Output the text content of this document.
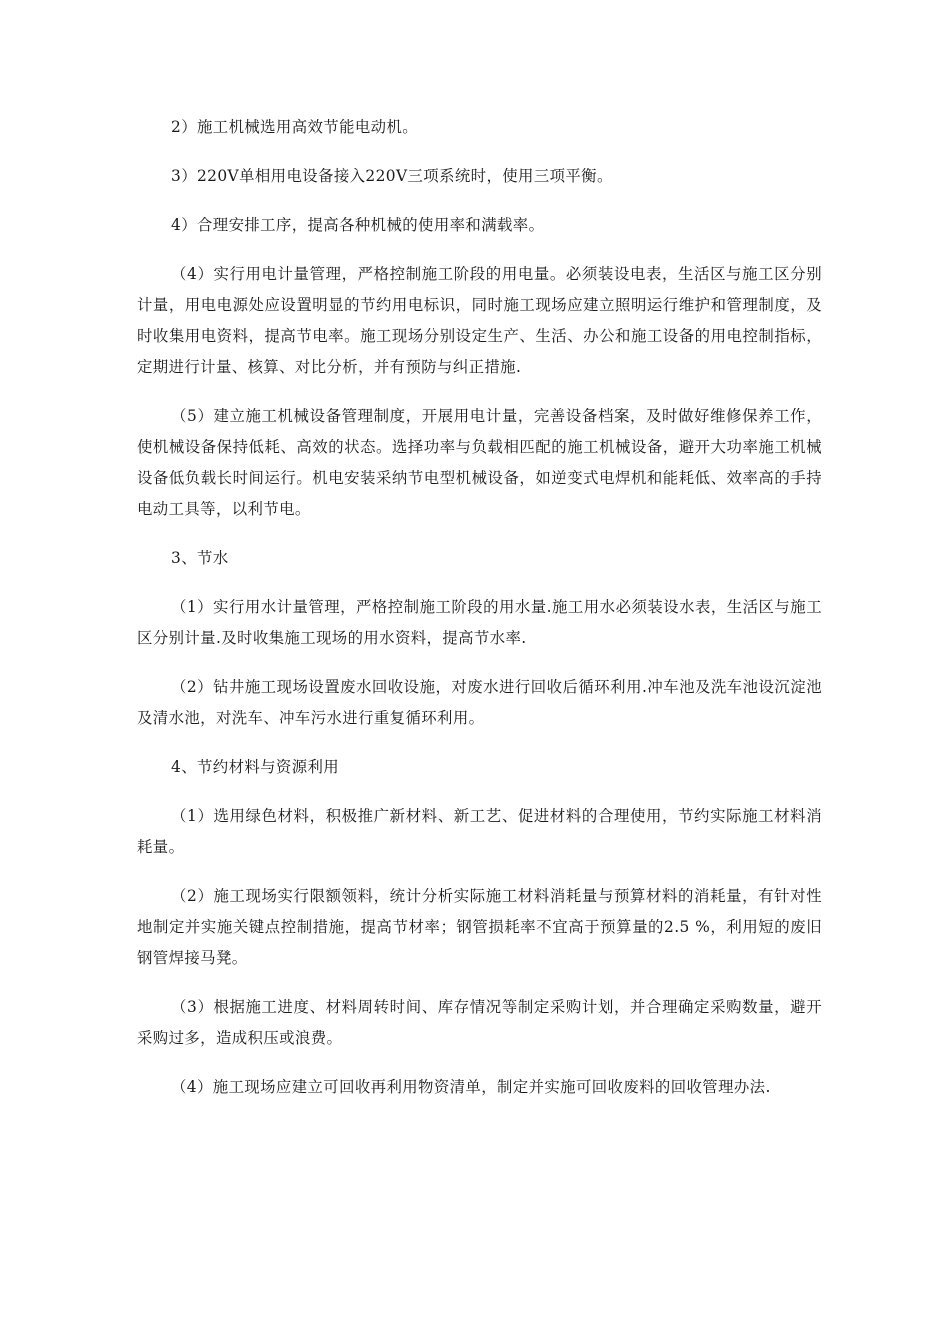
2）施工机械选用高效节能电动机。

3）220V单相用电设备接入220V三项系统时，使用三项平衡。

4）合理安排工序，提高各种机械的使用率和满载率。

（4）实行用电计量管理，严格控制施工阶段的用电量。必须装设电表，生活区与施工区分别计量，用电电源处应设置明显的节约用电标识，同时施工现场应建立照明运行维护和管理制度，及时收集用电资料，提高节电率。施工现场分别设定生产、生活、办公和施工设备的用电控制指标，定期进行计量、核算、对比分析，并有预防与纠正措施.

（5）建立施工机械设备管理制度，开展用电计量，完善设备档案，及时做好维修保养工作，使机械设备保持低耗、高效的状态。选择功率与负载相匹配的施工机械设备，避开大功率施工机械设备低负载长时间运行。机电安装采纳节电型机械设备，如逆变式电焊机和能耗低、效率高的手持电动工具等，以利节电。

3、节水

（1）实行用水计量管理，严格控制施工阶段的用水量.施工用水必须装设水表，生活区与施工区分别计量.及时收集施工现场的用水资料，提高节水率.

（2）钻井施工现场设置废水回收设施，对废水进行回收后循环利用.冲车池及洗车池设沉淀池及清水池，对洗车、冲车污水进行重复循环利用。

4、节约材料与资源利用

（1）选用绿色材料，积极推广新材料、新工艺、促进材料的合理使用，节约实际施工材料消耗量。

（2）施工现场实行限额领料，统计分析实际施工材料消耗量与预算材料的消耗量，有针对性地制定并实施关键点控制措施，提高节材率；钢管损耗率不宜高于预算量的2.5 %，利用短的废旧钢管焊接马凳。

（3）根据施工进度、材料周转时间、库存情况等制定采购计划，并合理确定采购数量，避开采购过多，造成积压或浪费。

（4）施工现场应建立可回收再利用物资清单，制定并实施可回收废料的回收管理办法.
